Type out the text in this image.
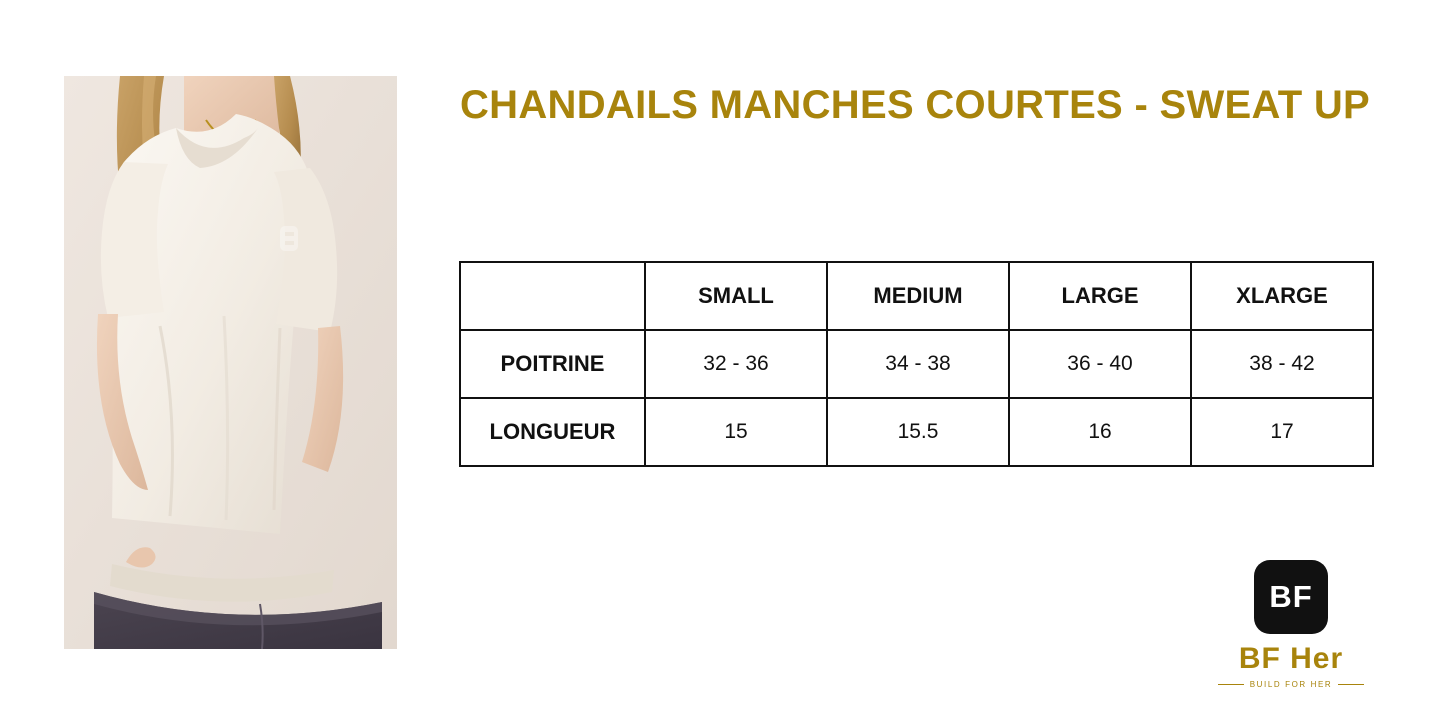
CHANDAILS MANCHES COURTES - SWEAT UP
	SMALL	MEDIUM	LARGE	XLARGE
POITRINE	32 - 36	34 - 38	36 - 40	38 - 42
LONGUEUR	15	15.5	16	17
BF
BF Her
BUILD FOR HER
